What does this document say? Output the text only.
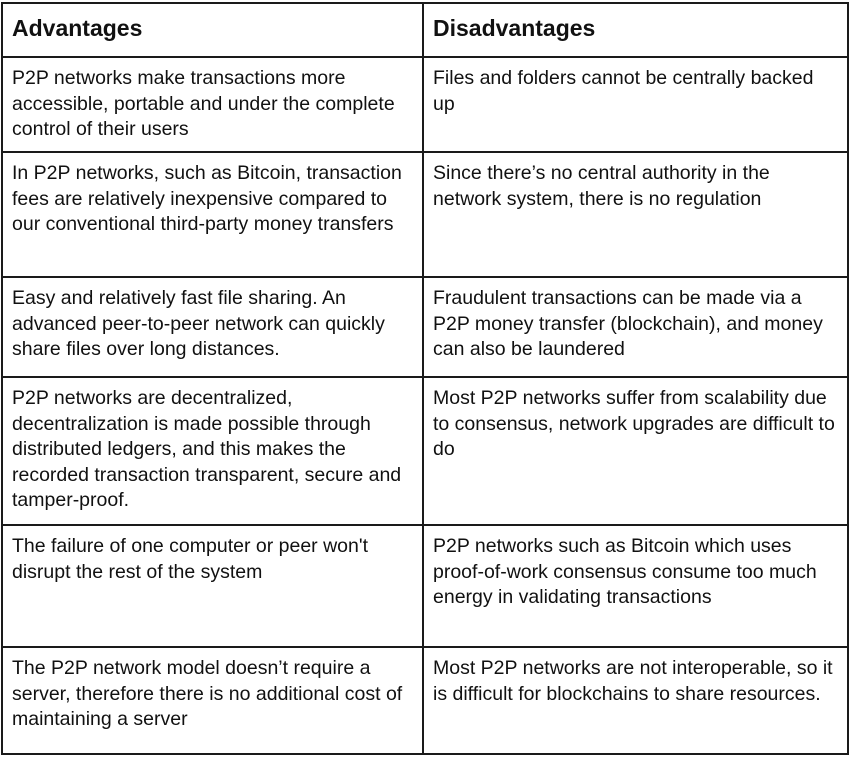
Advantages	Disadvantages
P2P networks make transactions more accessible, portable and under the complete control of their users	Files and folders cannot be centrally backed up
In P2P networks, such as Bitcoin, transaction fees are relatively inexpensive compared to our conventional third-party money transfers	Since there’s no central authority in the network system, there is no regulation
Easy and relatively fast file sharing. An advanced peer-to-peer network can quickly share files over long distances.	Fraudulent transactions can be made via a P2P money transfer (blockchain), and money can also be laundered
P2P networks are decentralized, decentralization is made possible through distributed ledgers, and this makes the recorded transaction transparent, secure and tamper-proof.	Most P2P networks suffer from scalability due to consensus, network upgrades are difficult to do
The failure of one computer or peer won't disrupt the rest of the system	P2P networks such as Bitcoin which uses proof-of-work consensus consume too much energy in validating transactions
The P2P network model doesn’t require a server, therefore there is no additional cost of maintaining a server	Most P2P networks are not interoperable, so it is difficult for blockchains to share resources.
